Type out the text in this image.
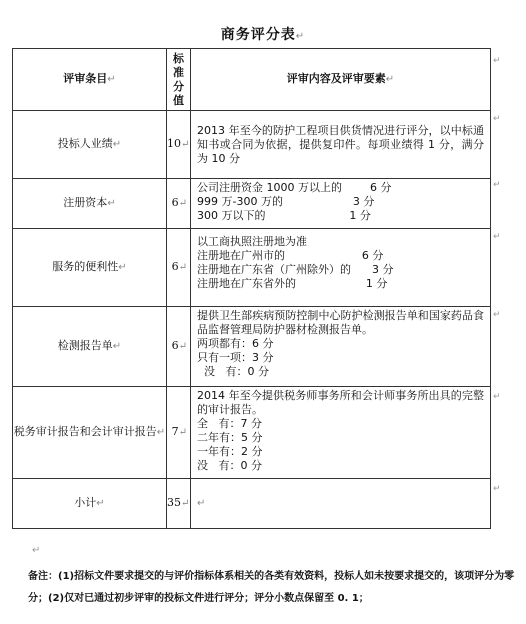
商务评分表↵
评审条目↵	标
准
分
值	评审内容及评审要素↵
投标人业绩↵	10↵	2013 年至今的防护工程项目供货情况进行评分，以中标通知书或合同为依据，提供复印件。每项业绩得 1 分，满分为 10 分

注册资本↵	6↵	公司注册资金 1000 万以上的        6 分
999 万-300 万的                    3 分
300 万以下的                        1 分

服务的便利性↵	6↵	以工商执照注册地为准
注册地在广州市的                      6 分
注册地在广东省（广州除外）的      3 分
注册地在广东省外的                    1 分

检测报告单↵	6↵	提供卫生部疾病预防控制中心防护检测报告单和国家药品食品监督管理局防护器材检测报告单。
两项都有：6 分
只有一项：3 分
没   有：0 分

税务审计报告和会计审计报告↵	7↵	2014 年至今提供税务师事务所和会计师事务所出具的完整的审计报告。
全   有：7 分
二年有：5 分
一年有：2 分
没   有：0 分

小计↵	35↵	↵
↵
↵
↵
↵
↵
↵
↵
↵
备注：(1)招标文件要求提交的与评价指标体系相关的各类有效资料，投标人如未按要求提交的，该项评分为零分；(2)仅对已通过初步评审的投标文件进行评分；评分小数点保留至 0. 1；
